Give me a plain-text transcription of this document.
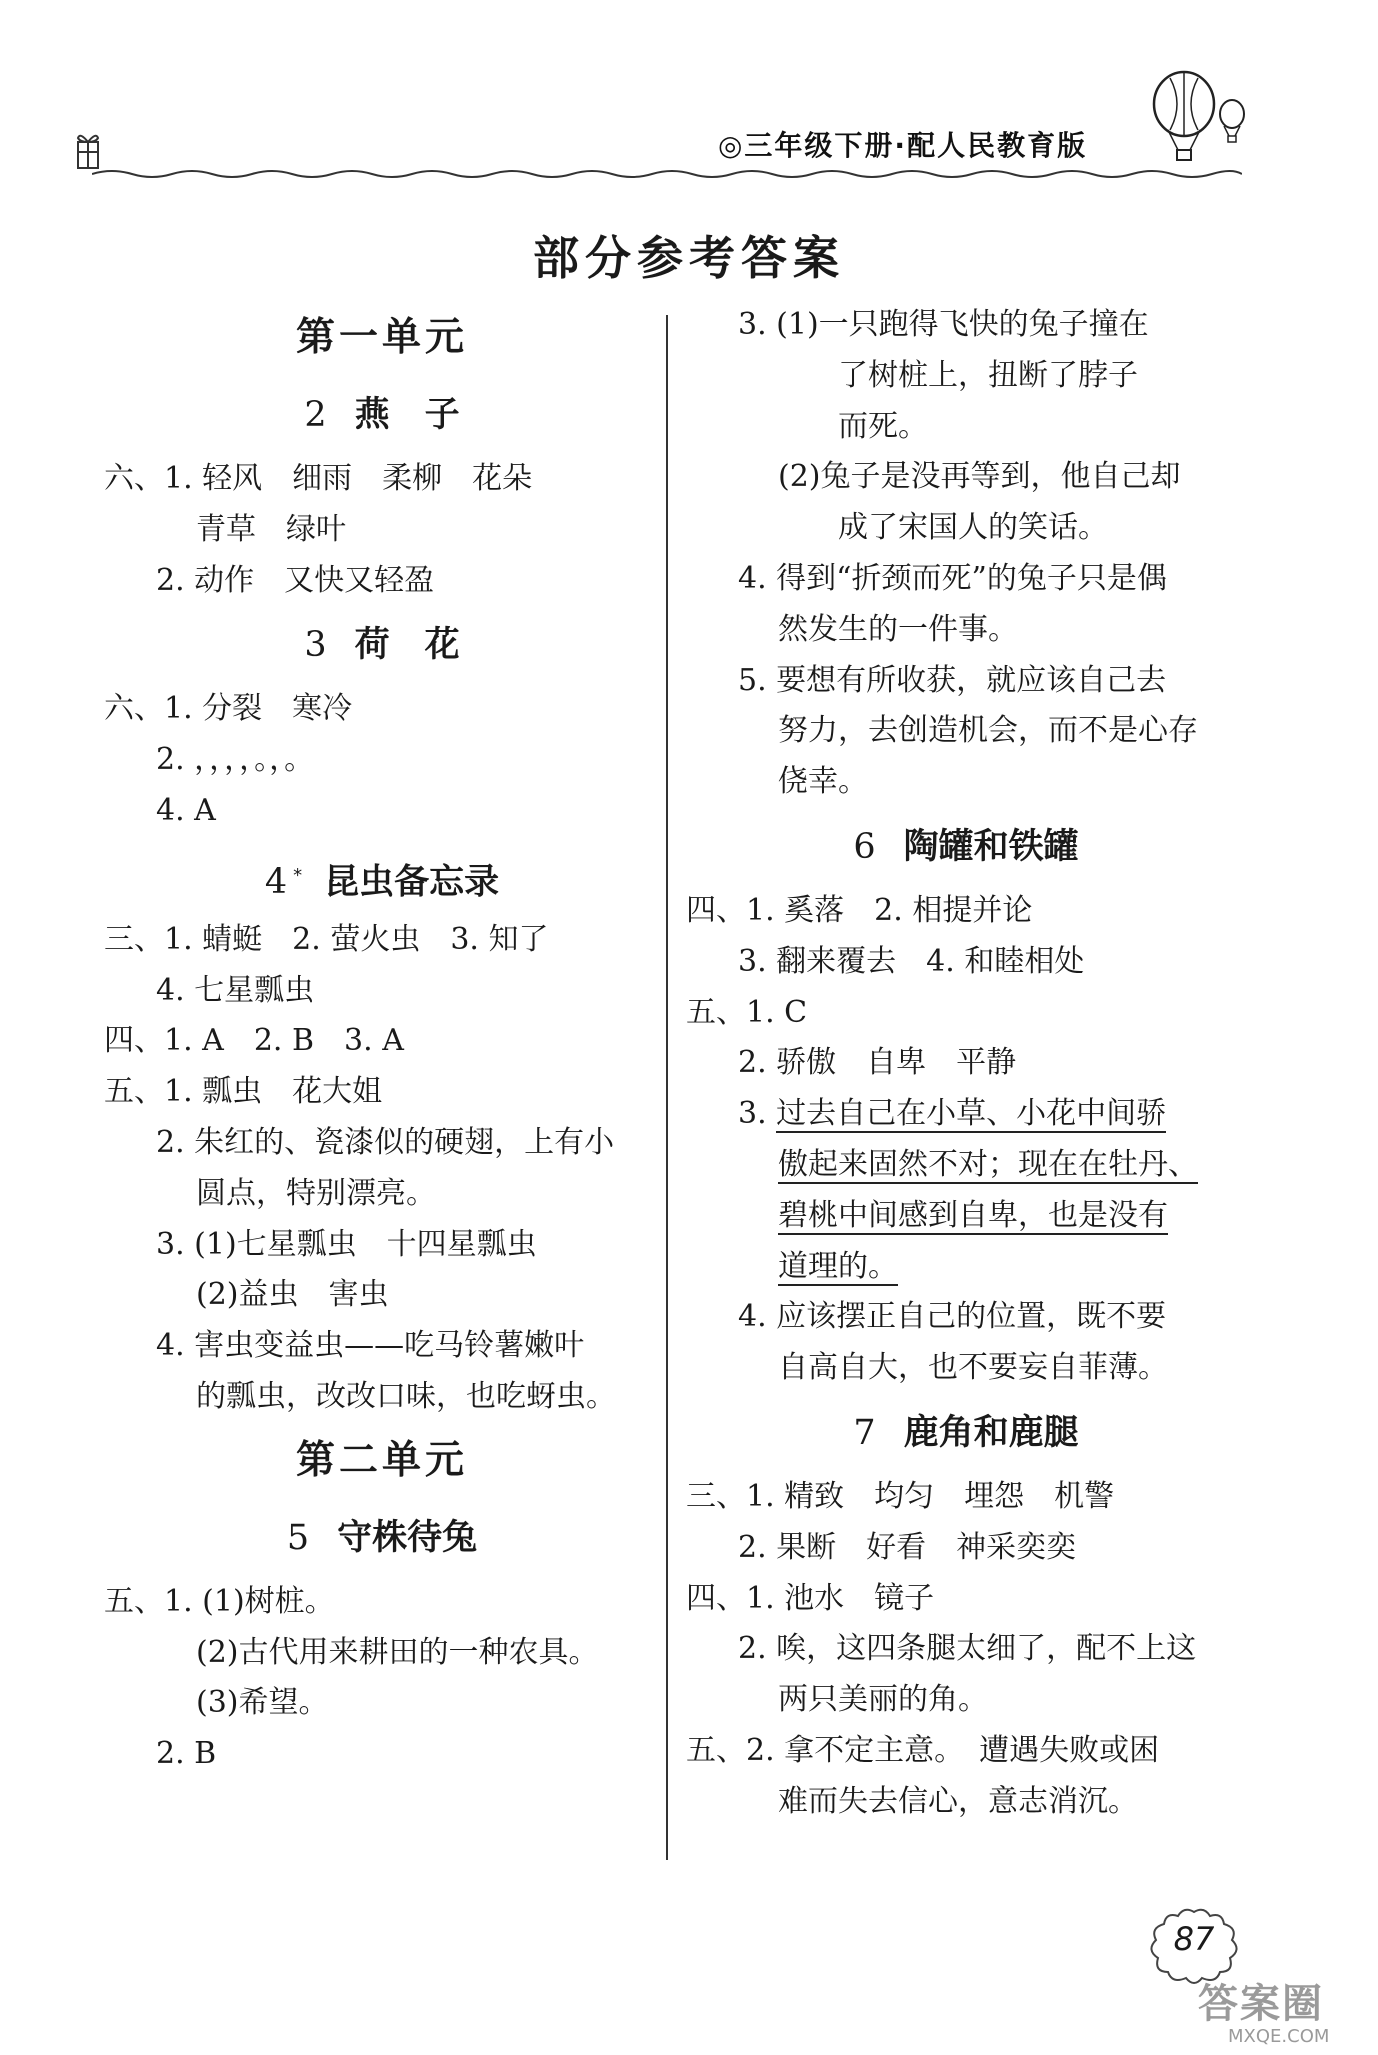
◎三年级下册·配人民教育版
部分参考答案
第一单元
2 燕　子
六、1. 轻风　细雨　柔柳　花朵
青草　绿叶
2. 动作　又快又轻盈
3 荷　花
六、1. 分裂　寒冷
2. ，，，，。，。
4. A
4 * 昆虫备忘录
三、1. 蜻蜓　2. 萤火虫　3. 知了
4. 七星瓢虫
四、1. A　2. B　3. A
五、1. 瓢虫　花大姐
2. 朱红的、瓷漆似的硬翅，上有小
圆点，特别漂亮。
3. (1)七星瓢虫　十四星瓢虫
(2)益虫　害虫
4. 害虫变益虫——吃马铃薯嫩叶
的瓢虫，改改口味，也吃蚜虫。
第二单元
5 守株待兔
五、1. (1)树桩。
(2)古代用来耕田的一种农具。
(3)希望。
2. B
3. (1)一只跑得飞快的兔子撞在
　　了树桩上，扭断了脖子
　　而死。
(2)兔子是没再等到，他自己却
　　成了宋国人的笑话。
4. 得到“折颈而死”的兔子只是偶
然发生的一件事。
5. 要想有所收获，就应该自己去
努力，去创造机会，而不是心存
侥幸。
6 陶罐和铁罐
四、1. 奚落　2. 相提并论
3. 翻来覆去　4. 和睦相处
五、1. C
2. 骄傲　自卑　平静
3. 过去自己在小草、小花中间骄
傲起来固然不对；现在在牡丹、
碧桃中间感到自卑，也是没有
道理的。
4. 应该摆正自己的位置，既不要
自高自大，也不要妄自菲薄。
7 鹿角和鹿腿
三、1. 精致　均匀　埋怨　机警
2. 果断　好看　神采奕奕
四、1. 池水　镜子
2. 唉，这四条腿太细了，配不上这
两只美丽的角。
五、2. 拿不定主意。　遭遇失败或困
难而失去信心，意志消沉。
87
答案圈
MXQE.COM
